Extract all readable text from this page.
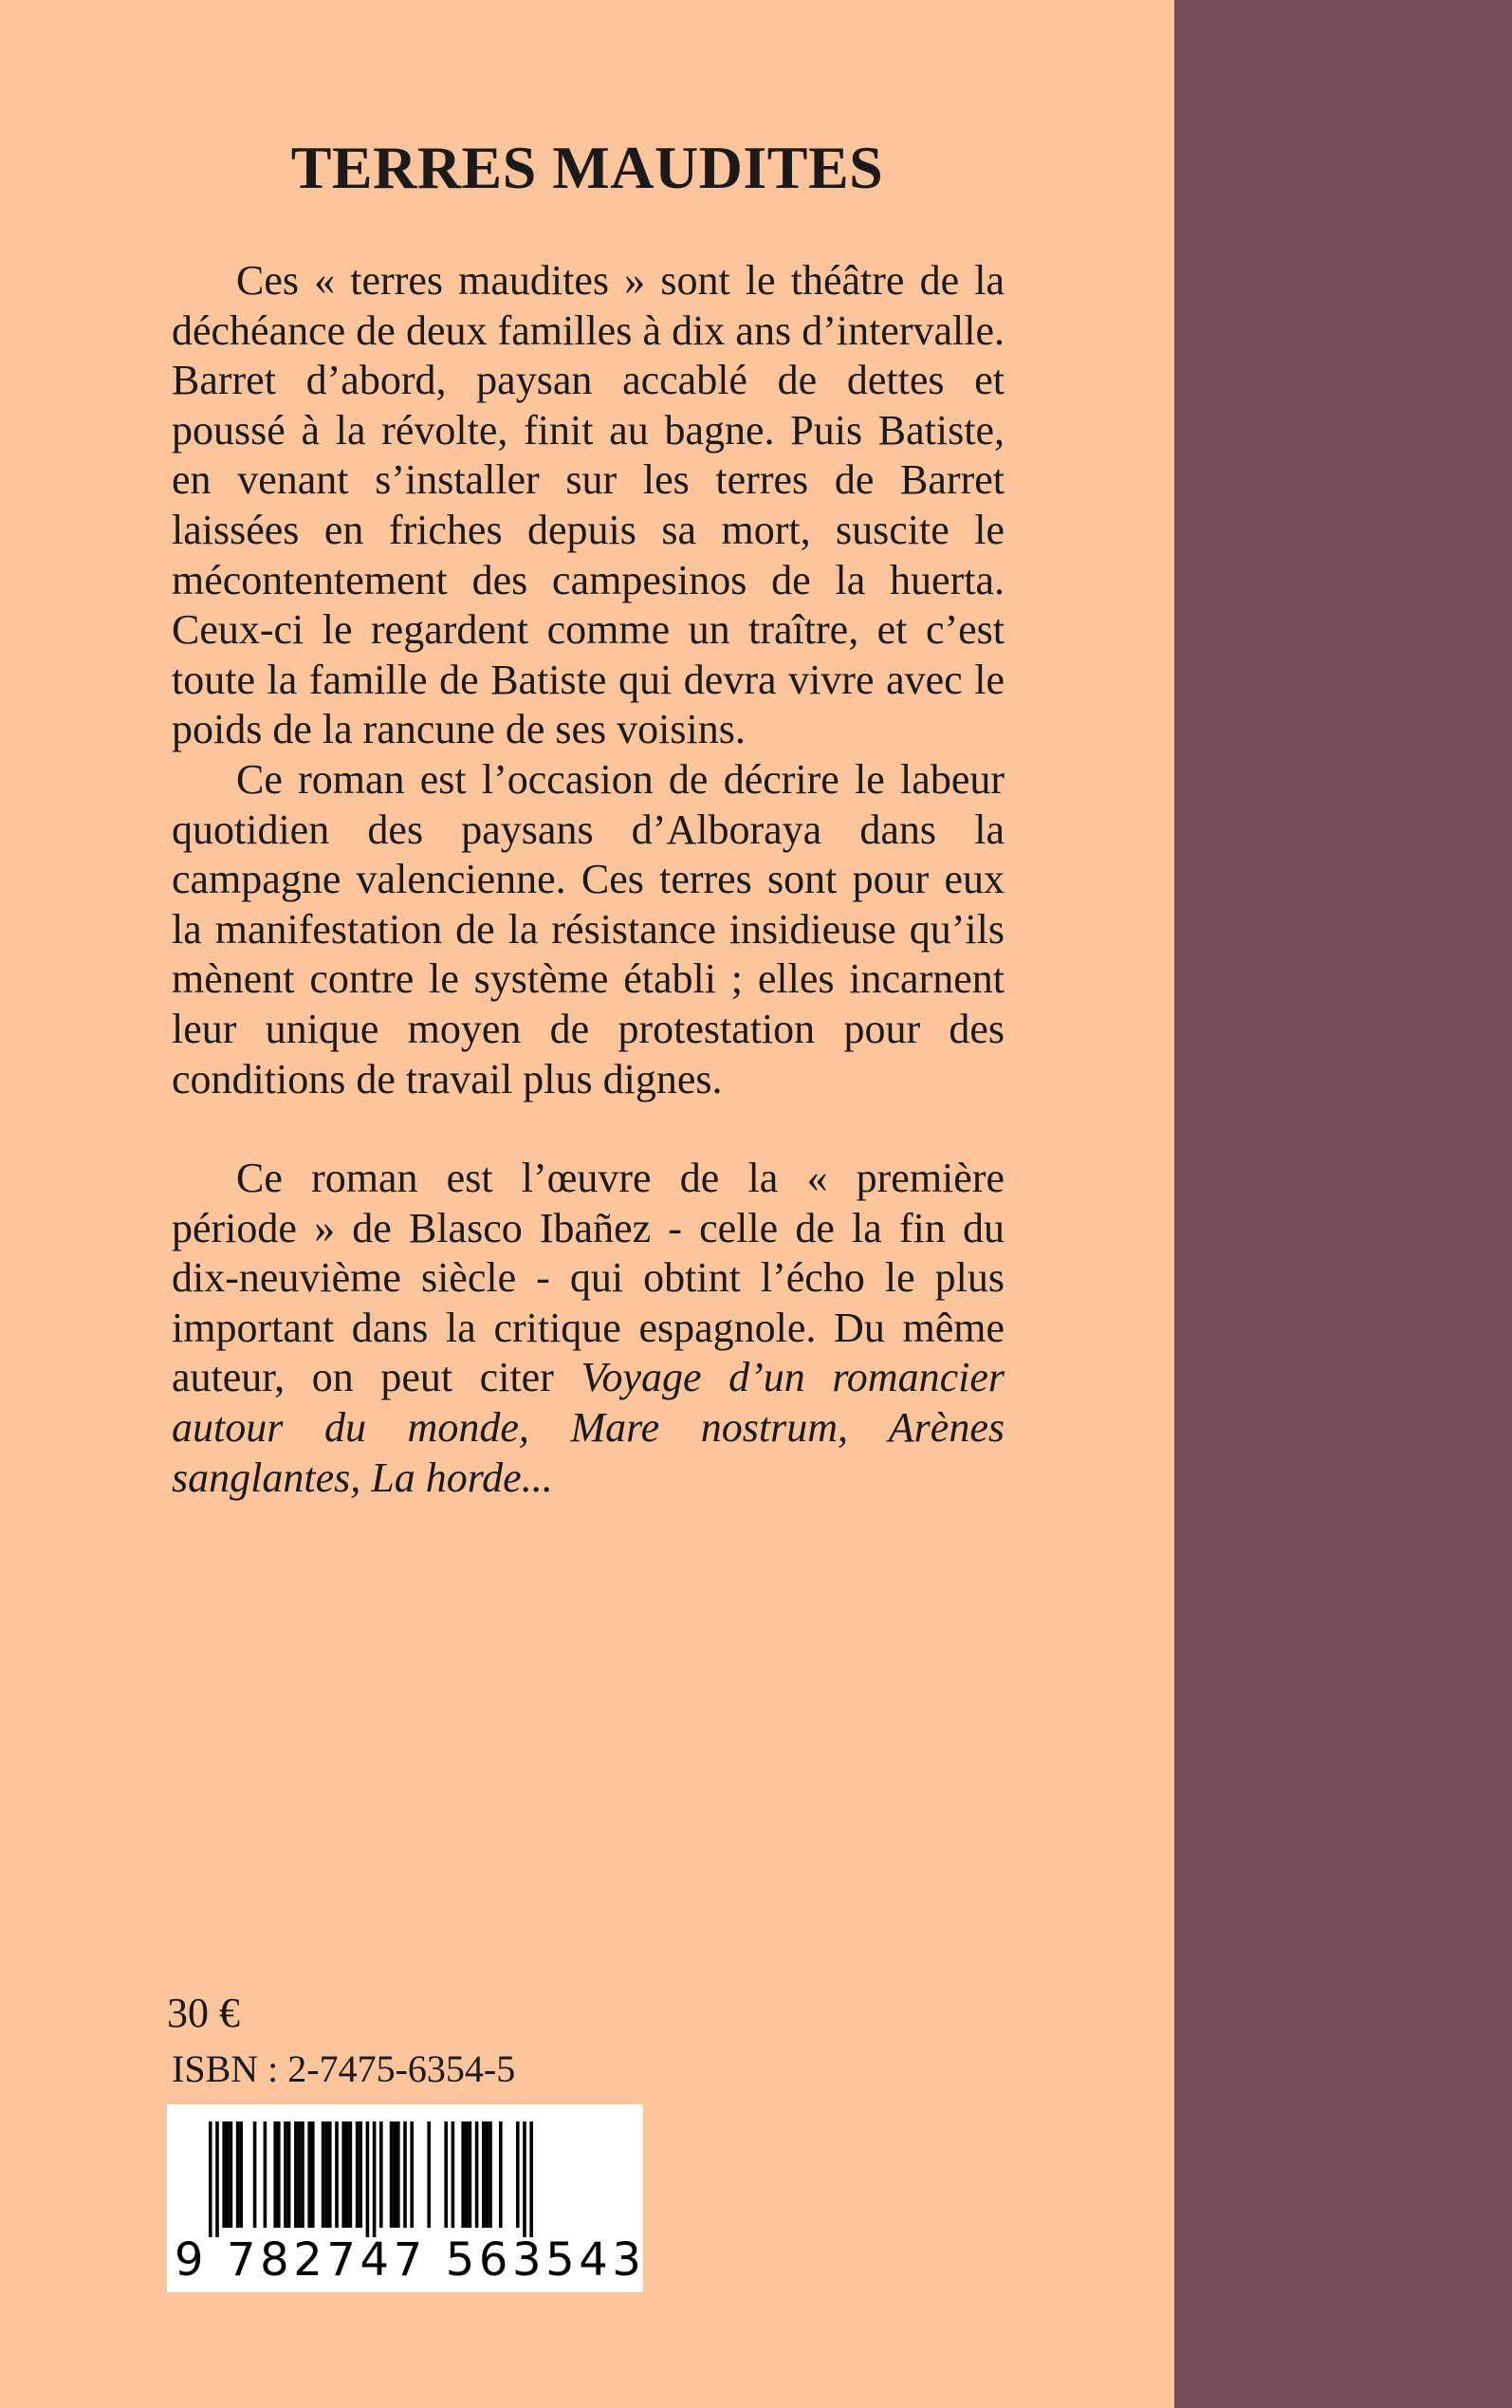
TERRES MAUDITES

Ces « terres maudites » sont le théâtre de la déchéance de deux familles à dix ans d’intervalle. Barret d’abord, paysan accablé de dettes et poussé à la révolte, finit au bagne. Puis Batiste, en venant s’installer sur les terres de Barret laissées en friches depuis sa mort, suscite le mécontentement des campesinos de la huerta. Ceux-ci le regardent comme un traître, et c’est toute la famille de Batiste qui devra vivre avec le poids de la rancune de ses voisins.

Ce roman est l’occasion de décrire le labeur quotidien des paysans d’Alboraya dans la campagne valencienne. Ces terres sont pour eux la manifestation de la résistance insidieuse qu’ils mènent contre le système établi ; elles incarnent leur unique moyen de protestation pour des conditions de travail plus dignes.

Ce roman est l’œuvre de la « première période » de Blasco Ibañez - celle de la fin du dix-neuvième siècle - qui obtint l’écho le plus important dans la critique espagnole. Du même auteur, on peut citer Voyage d’un romancier autour du monde, Mare nostrum, Arènes sanglantes, La horde...

30 €
ISBN : 2-7475-6354-5
9 782747 563543
